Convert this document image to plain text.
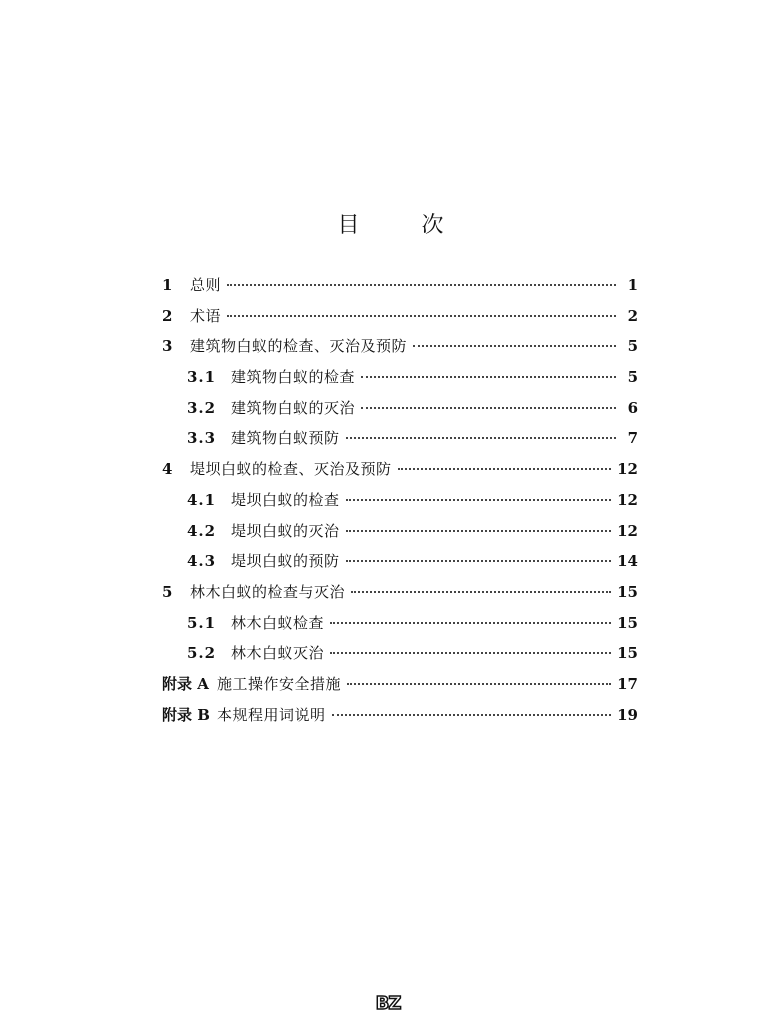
目	次
1	总则	1
2	术语	2
3	建筑物白蚁的检查、灭治及预防	5
3.1 建筑物白蚁的检查	5
3.2 建筑物白蚁的灭治	6
3.3 建筑物白蚁预防	7
4	堤坝白蚁的检查、灭治及预防	12
4.1 堤坝白蚁的检查	12
4.2 堤坝白蚁的灭治	12
4.3 堤坝白蚁的预防	14
5	林木白蚁的检查与灭治	15
5.1 林木白蚁检查	15
5.2 林木白蚁灭治	15
附录 A 施工操作安全措施	17
附录 B 本规程用词说明	19
BZ
